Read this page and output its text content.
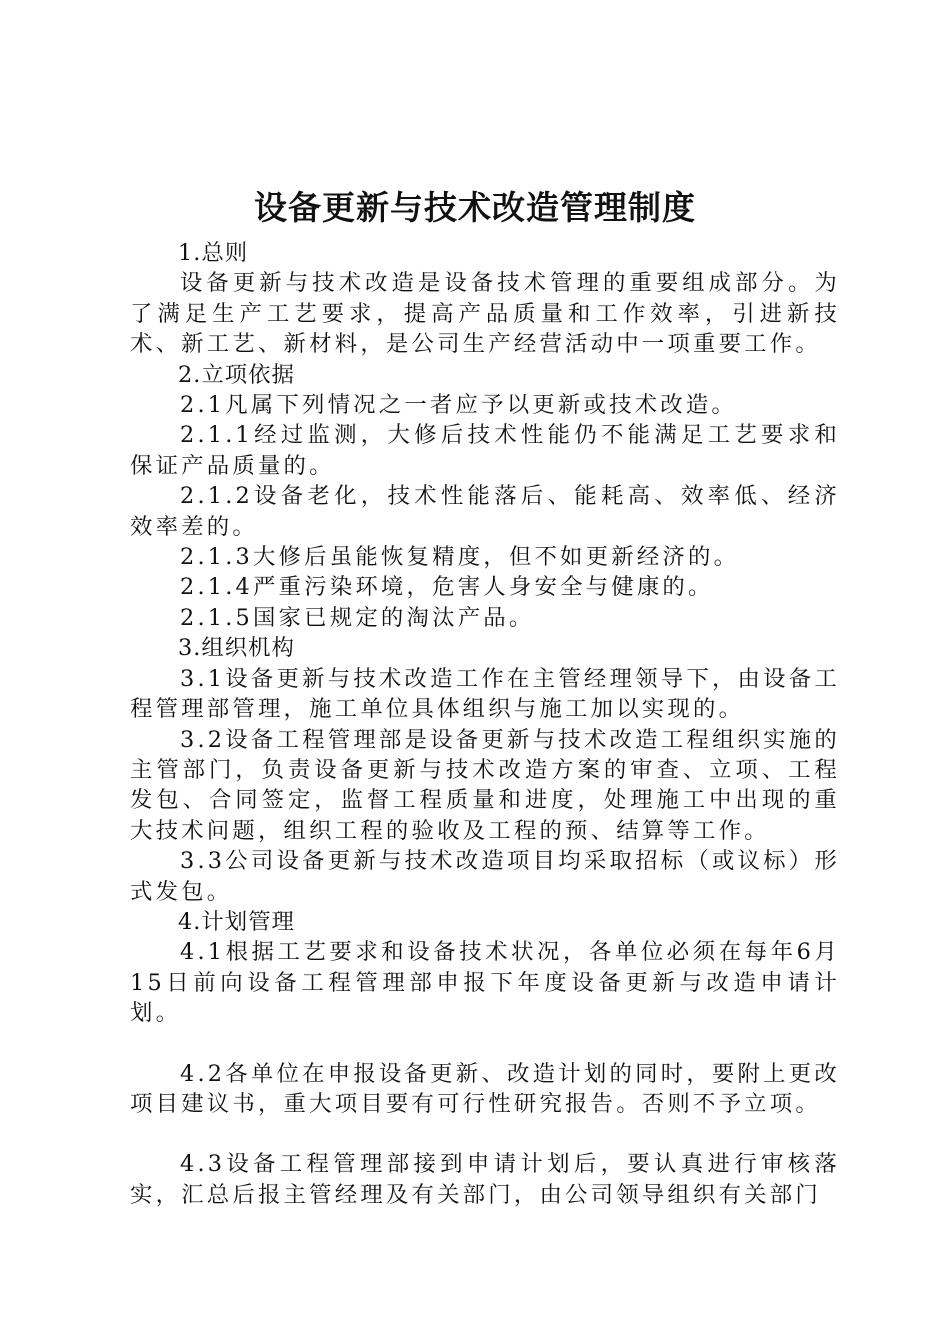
设备更新与技术改造管理制度

1.总则

设备更新与技术改造是设备技术管理的重要组成部分。为了满足生产工艺要求，提高产品质量和工作效率，引进新技术、新工艺、新材料，是公司生产经营活动中一项重要工作。

2.立项依据

2.1凡属下列情况之一者应予以更新或技术改造。

2.1.1经过监测，大修后技术性能仍不能满足工艺要求和保证产品质量的。

2.1.2设备老化，技术性能落后、能耗高、效率低、经济效率差的。

2.1.3大修后虽能恢复精度，但不如更新经济的。

2.1.4严重污染环境，危害人身安全与健康的。

2.1.5国家已规定的淘汰产品。

3.组织机构

3.1设备更新与技术改造工作在主管经理领导下，由设备工程管理部管理，施工单位具体组织与施工加以实现的。

3.2设备工程管理部是设备更新与技术改造工程组织实施的主管部门，负责设备更新与技术改造方案的审查、立项、工程发包、合同签定，监督工程质量和进度，处理施工中出现的重大技术问题，组织工程的验收及工程的预、结算等工作。

3.3公司设备更新与技术改造项目均采取招标（或议标）形式发包。

4.计划管理

4.1根据工艺要求和设备技术状况，各单位必须在每年6月15日前向设备工程管理部申报下年度设备更新与改造申请计划。

4.2各单位在申报设备更新、改造计划的同时，要附上更改项目建议书，重大项目要有可行性研究报告。否则不予立项。

4.3设备工程管理部接到申请计划后，要认真进行审核落实，汇总后报主管经理及有关部门，由公司领导组织有关部门
